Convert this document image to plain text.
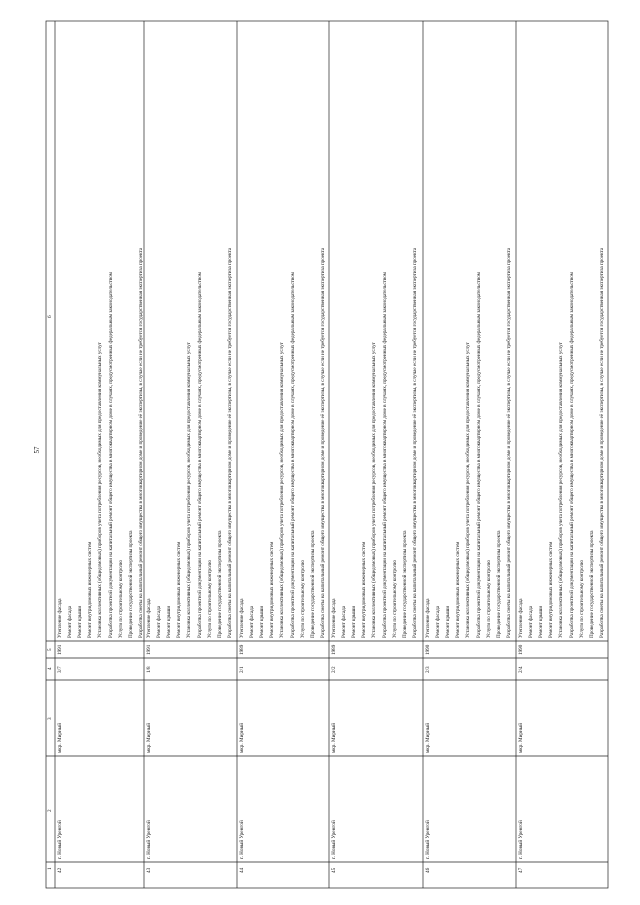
57
1
2
3
4
5
6
42
г. Новый Уренгой
мкр. Мирный
3/7
1991
Утепление фасада Ремонт фасада Ремонт крыши Ремонт внутридомовых инженерных систем Установка коллективных (общедомовых) приборов учета потребления ресурсов, необходимых для предоставления коммунальных услуг Разработка проектной документации на капитальный ремонт общего имущества в многоквартирном доме в случаях, предусмотренных федеральным законодательством Услуги по строительному контролю Проведение государственной экспертизы проекта Разработка сметы на капитальный ремонт общего имущества в многоквартирном доме и проведение её экспертизы, в случае если не требуется государственная экспертиза проекта
43
г. Новый Уренгой
мкр. Мирный
1/8
1991
Утепление фасада Ремонт фасада Ремонт крыши Ремонт внутридомовых инженерных систем Установка коллективных (общедомовых) приборов учета потребления ресурсов, необходимых для предоставления коммунальных услуг Разработка проектной документации на капитальный ремонт общего имущества в многоквартирном доме в случаях, предусмотренных федеральным законодательством Услуги по строительному контролю Проведение государственной экспертизы проекта Разработка сметы на капитальный ремонт общего имущества в многоквартирном доме и проведение её экспертизы, в случае если не требуется государственная экспертиза проекта
44
г. Новый Уренгой
мкр. Мирный
2/1
1989
Утепление фасада Ремонт фасада Ремонт крыши Ремонт внутридомовых инженерных систем Установка коллективных (общедомовых) приборов учета потребления ресурсов, необходимых для предоставления коммунальных услуг Разработка проектной документации на капитальный ремонт общего имущества в многоквартирном доме в случаях, предусмотренных федеральным законодательством Услуги по строительному контролю Проведение государственной экспертизы проекта Разработка сметы на капитальный ремонт общего имущества в многоквартирном доме и проведение её экспертизы, в случае если не требуется государственная экспертиза проекта
45
г. Новый Уренгой
мкр. Мирный
2/2
1989
Утепление фасада Ремонт фасада Ремонт крыши Ремонт внутридомовых инженерных систем Установка коллективных (общедомовых) приборов учета потребления ресурсов, необходимых для предоставления коммунальных услуг Разработка проектной документации на капитальный ремонт общего имущества в многоквартирном доме в случаях, предусмотренных федеральным законодательством Услуги по строительному контролю Проведение государственной экспертизы проекта Разработка сметы на капитальный ремонт общего имущества в многоквартирном доме и проведение её экспертизы, в случае если не требуется государственная экспертиза проекта
46
г. Новый Уренгой
мкр. Мирный
2/3
1990
Утепление фасада Ремонт фасада Ремонт крыши Ремонт внутридомовых инженерных систем Установка коллективных (общедомовых) приборов учета потребления ресурсов, необходимых для предоставления коммунальных услуг Разработка проектной документации на капитальный ремонт общего имущества в многоквартирном доме в случаях, предусмотренных федеральным законодательством Услуги по строительному контролю Проведение государственной экспертизы проекта Разработка сметы на капитальный ремонт общего имущества в многоквартирном доме и проведение её экспертизы, в случае если не требуется государственная экспертиза проекта
47
г. Новый Уренгой
мкр. Мирный
2/4
1990
Утепление фасада Ремонт фасада Ремонт крыши Ремонт внутридомовых инженерных систем Установка коллективных (общедомовых) приборов учета потребления ресурсов, необходимых для предоставления коммунальных услуг Разработка проектной документации на капитальный ремонт общего имущества в многоквартирном доме в случаях, предусмотренных федеральным законодательством Услуги по строительному контролю Проведение государственной экспертизы проекта Разработка сметы на капитальный ремонт общего имущества в многоквартирном доме и проведение её экспертизы, в случае если не требуется государственная экспертиза проекта
